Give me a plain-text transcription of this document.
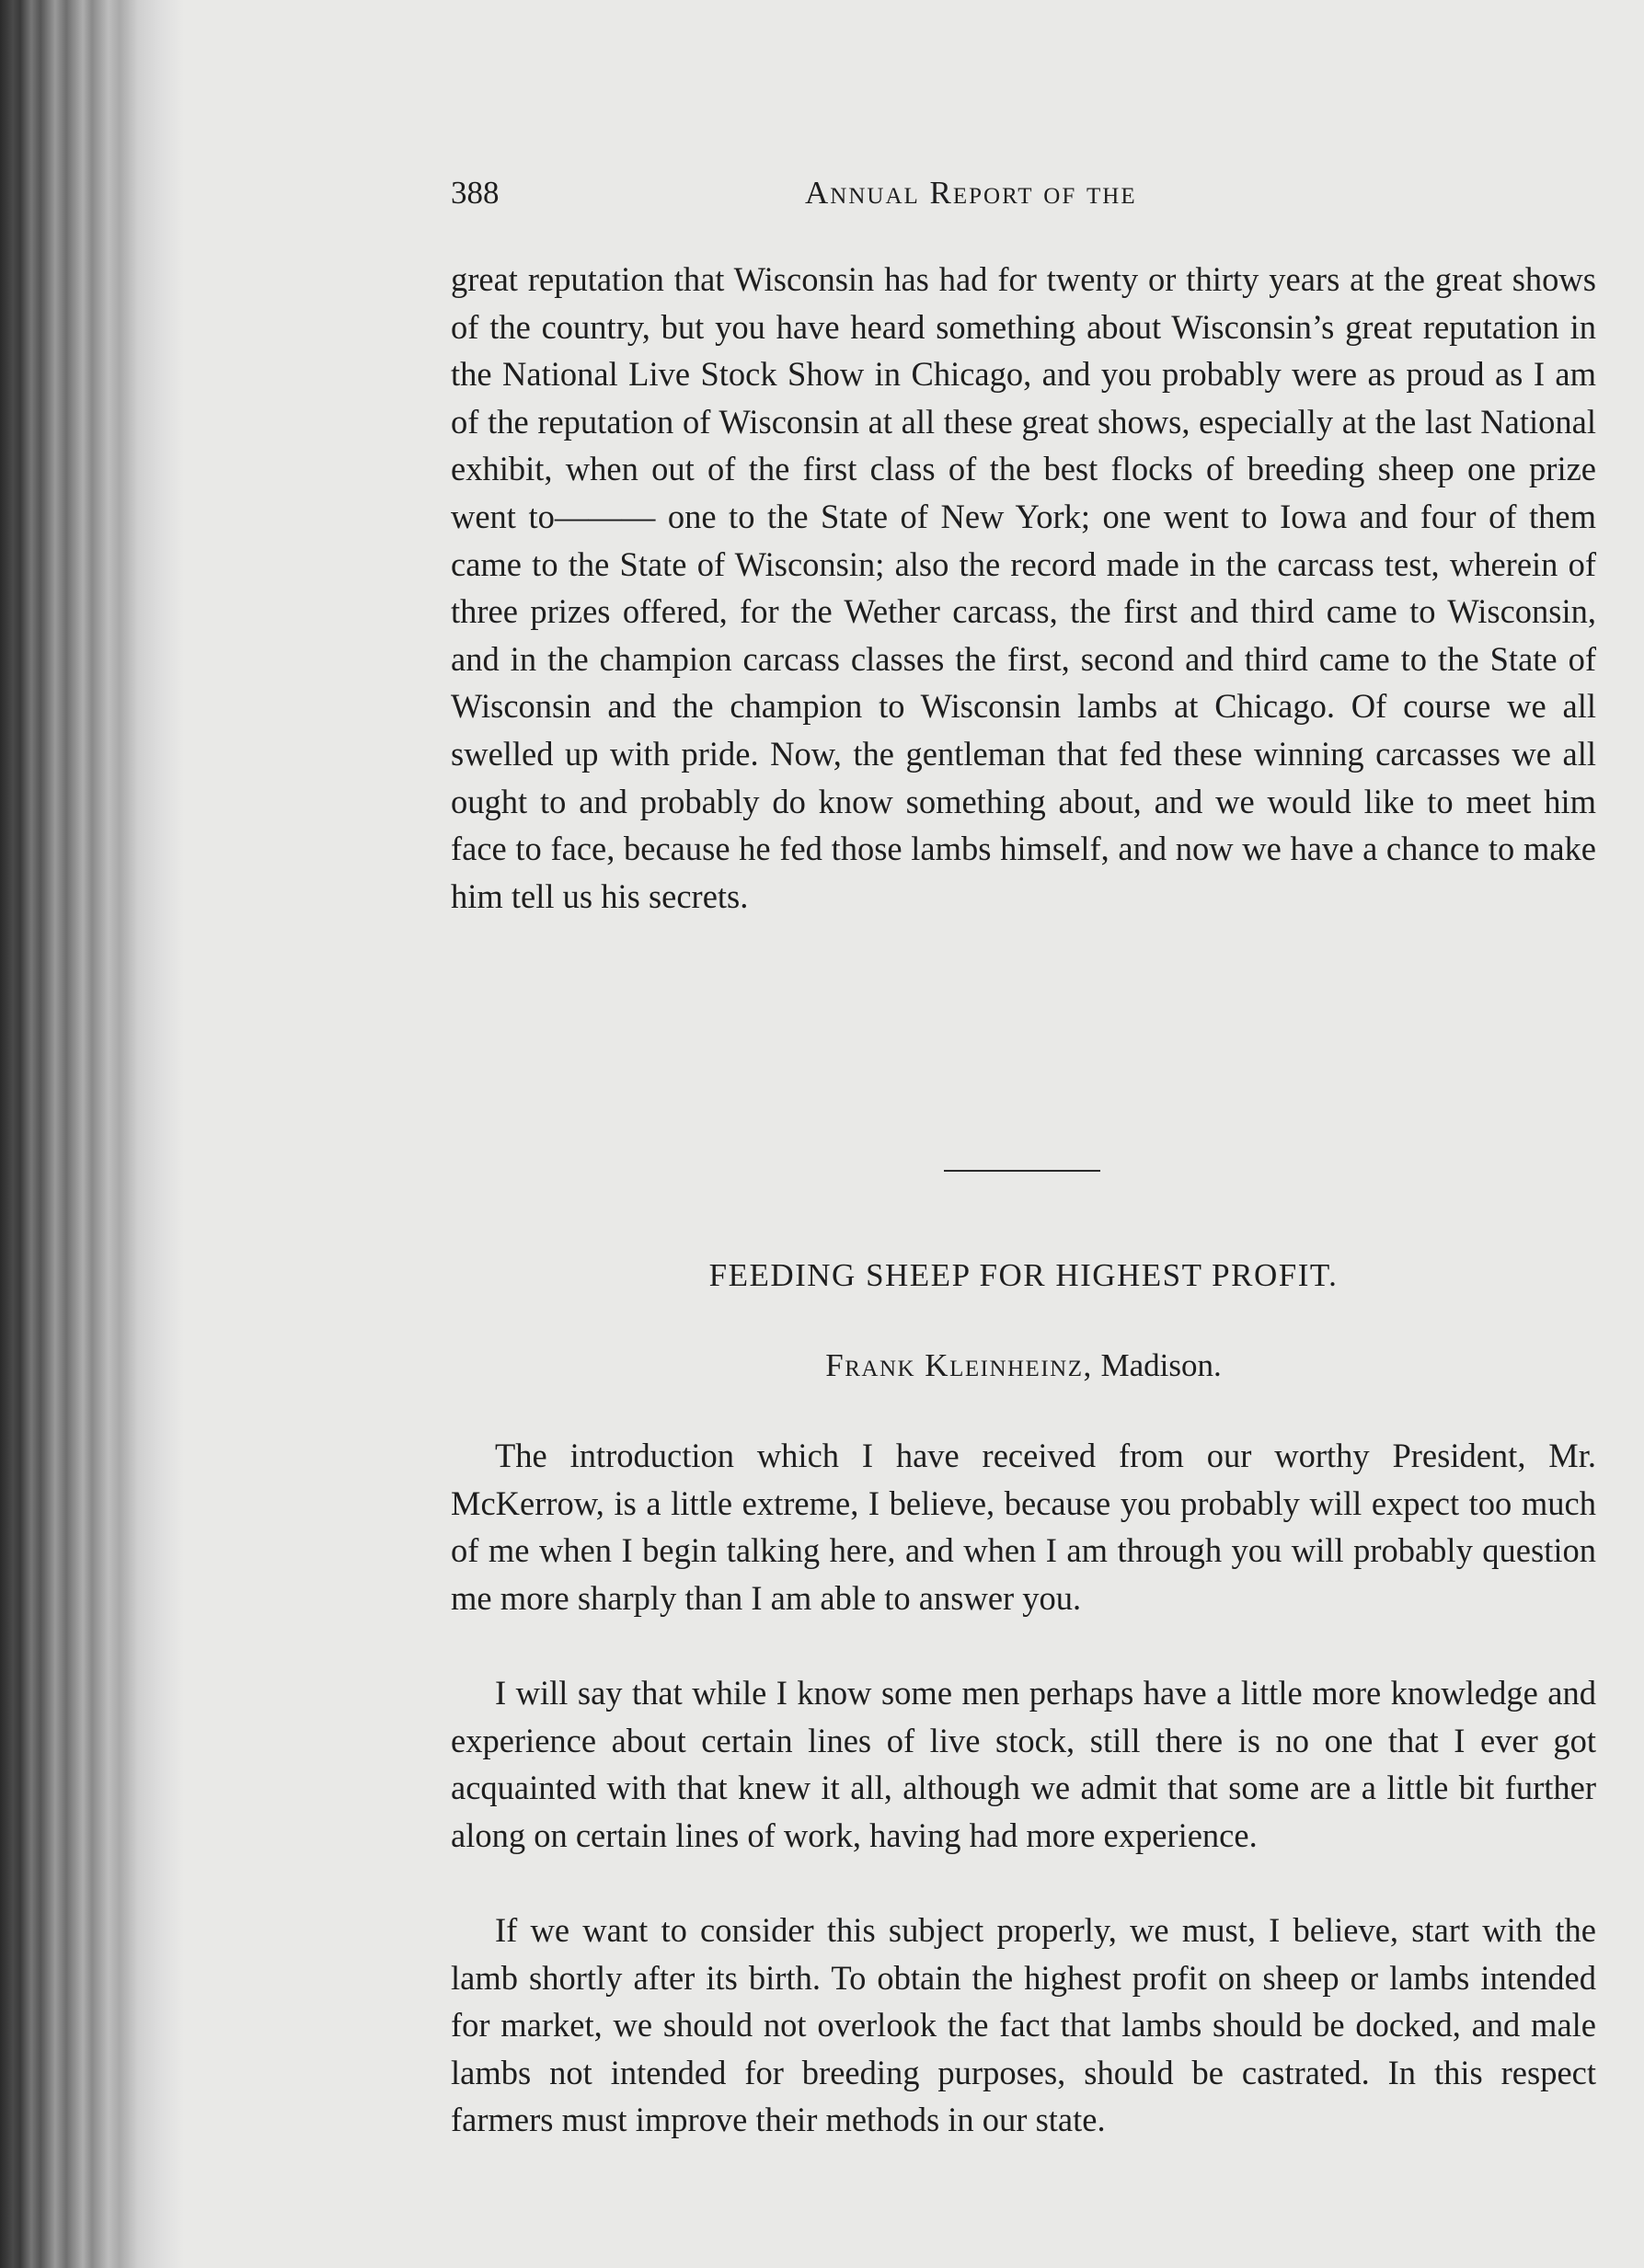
388	Annual Report of the

great reputation that Wisconsin has had for twenty or thirty years at the great shows of the country, but you have heard something about Wisconsin’s great reputation in the National Live Stock Show in Chicago, and you probably were as proud as I am of the reputation of Wisconsin at all these great shows, especially at the last National exhibit, when out of the first class of the best flocks of breeding sheep one prize went to——— one to the State of New York; one went to Iowa and four of them came to the State of Wisconsin; also the record made in the carcass test, wherein of three prizes offered, for the Wether carcass, the first and third came to Wisconsin, and in the champion carcass classes the first, second and third came to the State of Wisconsin and the champion to Wisconsin lambs at Chicago. Of course we all swelled up with pride. Now, the gentleman that fed these winning carcasses we all ought to and probably do know something about, and we would like to meet him face to face, because he fed those lambs himself, and now we have a chance to make him tell us his secrets.

FEEDING SHEEP FOR HIGHEST PROFIT.

Frank Kleinheinz, Madison.

The introduction which I have received from our worthy President, Mr. McKerrow, is a little extreme, I believe, because you probably will expect too much of me when I begin talking here, and when I am through you will probably question me more sharply than I am able to answer you.

I will say that while I know some men perhaps have a little more knowledge and experience about certain lines of live stock, still there is no one that I ever got acquainted with that knew it all, although we admit that some are a little bit further along on certain lines of work, having had more experience.

If we want to consider this subject properly, we must, I believe, start with the lamb shortly after its birth. To obtain the highest profit on sheep or lambs intended for market, we should not overlook the fact that lambs should be docked, and male lambs not intended for breeding purposes, should be castrated. In this respect farmers must improve their methods in our state.
